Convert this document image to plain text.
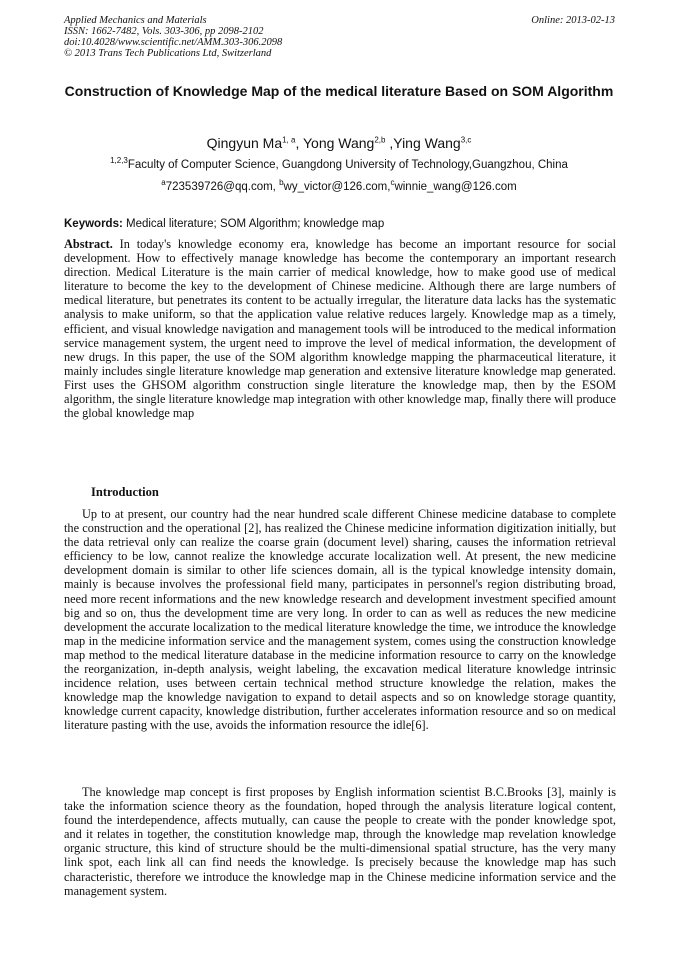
Applied Mechanics and Materials
ISSN: 1662-7482, Vols. 303-306, pp 2098-2102
doi:10.4028/www.scientific.net/AMM.303-306.2098
© 2013 Trans Tech Publications Ltd, Switzerland
Online: 2013-02-13
Construction of Knowledge Map of the medical literature Based on SOM Algorithm
Qingyun Ma$^{1, a}$, Yong Wang$^{2,b}$ ,Ying Wang$^{3,c}$
$^{1,2,3}$Faculty of Computer Science, Guangdong University of Technology,Guangzhou, China
$^a$723539726@qq.com, $^b$wy_victor@126.com,$^c$winnie_wang@126.com
Keywords: Medical literature; SOM Algorithm; knowledge map

Abstract. In today's knowledge economy era, knowledge has become an important resource for social development. How to effectively manage knowledge has become the contemporary an important research direction. Medical Literature is the main carrier of medical knowledge, how to make good use of medical literature to become the key to the development of Chinese medicine. Although there are large numbers of medical literature, but penetrates its content to be actually irregular, the literature data lacks has the systematic analysis to make uniform, so that the application value relative reduces largely. Knowledge map as a timely, efficient, and visual knowledge navigation and management tools will be introduced to the medical information service management system, the urgent need to improve the level of medical information, the development of new drugs. In this paper, the use of the SOM algorithm knowledge mapping the pharmaceutical literature, it mainly includes single literature knowledge map generation and extensive literature knowledge map generated. First uses the GHSOM algorithm construction single literature the knowledge map, then by the ESOM algorithm, the single literature knowledge map integration with other knowledge map, finally there will produce the global knowledge map

Introduction

Up to at present, our country had the near hundred scale different Chinese medicine database to complete the construction and the operational [2], has realized the Chinese medicine information digitization initially, but the data retrieval only can realize the coarse grain (document level) sharing, causes the information retrieval efficiency to be low, cannot realize the knowledge accurate localization well. At present, the new medicine development domain is similar to other life sciences domain, all is the typical knowledge intensity domain, mainly is because involves the professional field many, participates in personnel's region distributing broad, need more recent informations and the new knowledge research and development investment specified amount big and so on, thus the development time are very long. In order to can as well as reduces the new medicine development the accurate localization to the medical literature knowledge the time, we introduce the knowledge map in the medicine information service and the management system, comes using the construction knowledge map method to the medical literature database in the medicine information resource to carry on the knowledge the reorganization, in-depth analysis, weight labeling, the excavation medical literature knowledge intrinsic incidence relation, uses between certain technical method structure knowledge the relation, makes the knowledge map the knowledge navigation to expand to detail aspects and so on knowledge storage quantity, knowledge current capacity, knowledge distribution, further accelerates information resource and so on medical literature pasting with the use, avoids the information resource the idle[6].

The knowledge map concept is first proposes by English information scientist B.C.Brooks [3], mainly is take the information science theory as the foundation, hoped through the analysis literature logical content, found the interdependence, affects mutually, can cause the people to create with the ponder knowledge spot, and it relates in together, the constitution knowledge map, through the knowledge map revelation knowledge organic structure, this kind of structure should be the multi-dimensional spatial structure, has the very many link spot, each link all can find needs the knowledge. Is precisely because the knowledge map has such characteristic, therefore we introduce the knowledge map in the Chinese medicine information service and the management system.
